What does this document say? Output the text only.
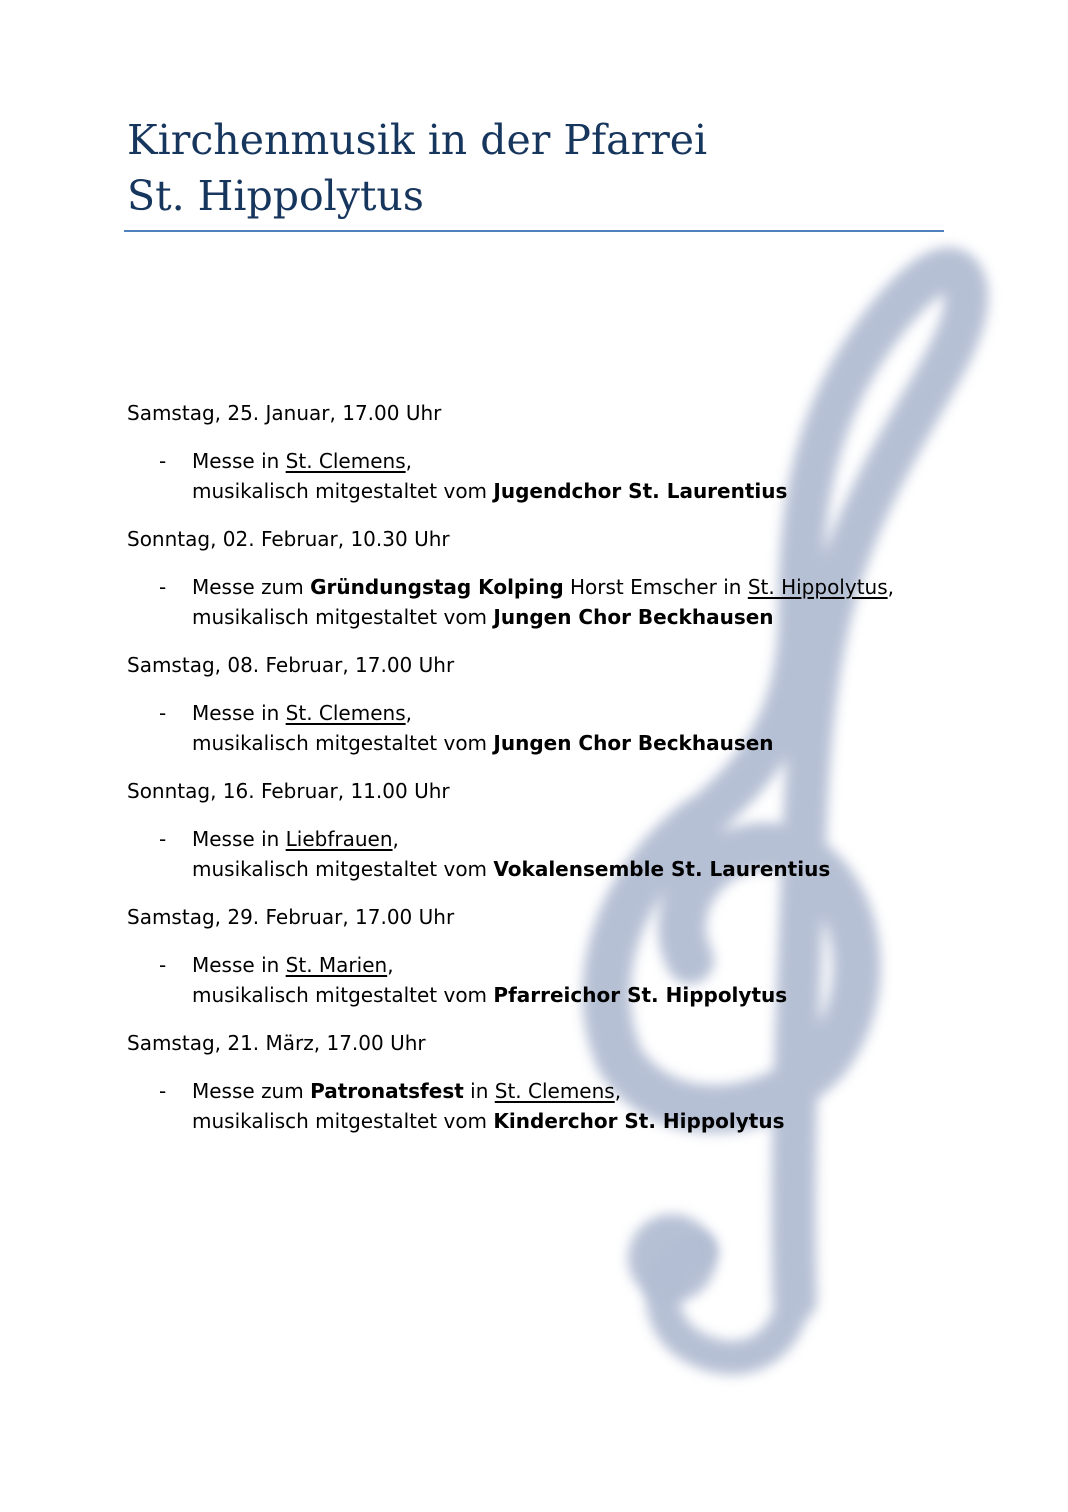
Kirchenmusik in der Pfarrei
St. Hippolytus

Samstag, 25. Januar, 17.00 Uhr

- Messe in St. Clemens,
musikalisch mitgestaltet vom Jugendchor St. Laurentius

Sonntag, 02. Februar, 10.30 Uhr

- Messe zum Gründungstag Kolping Horst Emscher in St. Hippolytus,
musikalisch mitgestaltet vom Jungen Chor Beckhausen

Samstag, 08. Februar, 17.00 Uhr

- Messe in St. Clemens,
musikalisch mitgestaltet vom Jungen Chor Beckhausen

Sonntag, 16. Februar, 11.00 Uhr

- Messe in Liebfrauen,
musikalisch mitgestaltet vom Vokalensemble St. Laurentius

Samstag, 29. Februar, 17.00 Uhr

- Messe in St. Marien,
musikalisch mitgestaltet vom Pfarreichor St. Hippolytus

Samstag, 21. März, 17.00 Uhr

- Messe zum Patronatsfest in St. Clemens,
musikalisch mitgestaltet vom Kinderchor St. Hippolytus
